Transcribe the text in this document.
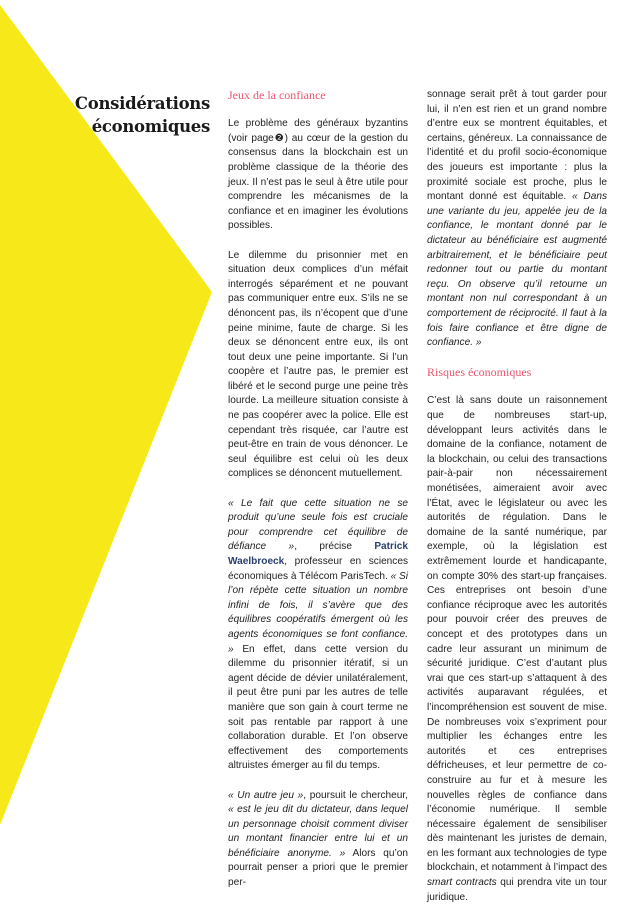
Considérations
économiques
Jeux de la confiance

Le problème des généraux byzantins (voir page❷) au cœur de la gestion du consensus dans la blockchain est un problème classique de la théorie des jeux. Il n’est pas le seul à être utile pour comprendre les mécanismes de la confiance et en imaginer les évolutions possibles.

Le dilemme du prisonnier met en situation deux complices d’un méfait interrogés séparément et ne pouvant pas communiquer entre eux. S’ils ne se dénoncent pas, ils n’écopent que d’une peine minime, faute de charge. Si les deux se dénoncent entre eux, ils ont tout deux une peine importante. Si l’un coopère et l’autre pas, le premier est libéré et le second purge une peine très lourde. La meilleure situation consiste à ne pas coopérer avec la police. Elle est cependant très risquée, car l’autre est peut-être en train de vous dénoncer. Le seul équilibre est celui où les deux complices se dénoncent mutuellement.

« Le fait que cette situation ne se produit qu’une seule fois est cruciale pour comprendre cet équilibre de défiance », précise Patrick Waelbroeck, professeur en sciences économiques à Télécom ParisTech. « Si l’on répète cette situation un nombre infini de fois, il s’avère que des équilibres coopératifs émergent où les agents économiques se font confiance. » En effet, dans cette version du dilemme du prisonnier itératif, si un agent décide de dévier unilatéralement, il peut être puni par les autres de telle manière que son gain à court terme ne soit pas rentable par rapport à une collaboration durable. Et l’on observe effectivement des comportements altruistes émerger au fil du temps.

« Un autre jeu », poursuit le chercheur, « est le jeu dit du dictateur, dans lequel un personnage choisit comment diviser un montant financier entre lui et un bénéficiaire anonyme. » Alors qu’on pourrait penser a priori que le premier per-

sonnage serait prêt à tout garder pour lui, il n’en est rien et un grand nombre d’entre eux se montrent équitables, et certains, généreux. La connaissance de l’identité et du profil socio-économique des joueurs est importante : plus la proximité sociale est proche, plus le montant donné est équitable. « Dans une variante du jeu, appelée jeu de la confiance, le montant donné par le dictateur au bénéficiaire est augmenté arbitrairement, et le bénéficiaire peut redonner tout ou partie du montant reçu. On observe qu’il retourne un montant non nul correspondant à un comportement de réciprocité. Il faut à la fois faire confiance et être digne de confiance. »

Risques économiques

C’est là sans doute un raisonnement que de nombreuses start-up, développant leurs activités dans le domaine de la confiance, notament de la blockchain, ou celui des transactions pair-à-pair non nécessairement monétisées, aimeraient avoir avec l’État, avec le législateur ou avec les autorités de régulation. Dans le domaine de la santé numérique, par exemple, où la législation est extrêmement lourde et handicapante, on compte 30% des start-up françaises. Ces entreprises ont besoin d’une confiance réciproque avec les autorités pour pouvoir créer des preuves de concept et des prototypes dans un cadre leur assurant un minimum de sécurité juridique. C’est d’autant plus vrai que ces start-up s’attaquent à des activités auparavant régulées, et l’incompréhension est souvent de mise. De nombreuses voix s’expriment pour multiplier les échanges entre les autorités et ces entreprises défricheuses, et leur permettre de co-construire au fur et à mesure les nouvelles règles de confiance dans l’économie numérique. Il semble nécessaire également de sensibiliser dès maintenant les juristes de demain, en les formant aux technologies de type blockchain, et notamment à l’impact des smart contracts qui prendra vite un tour juridique.
